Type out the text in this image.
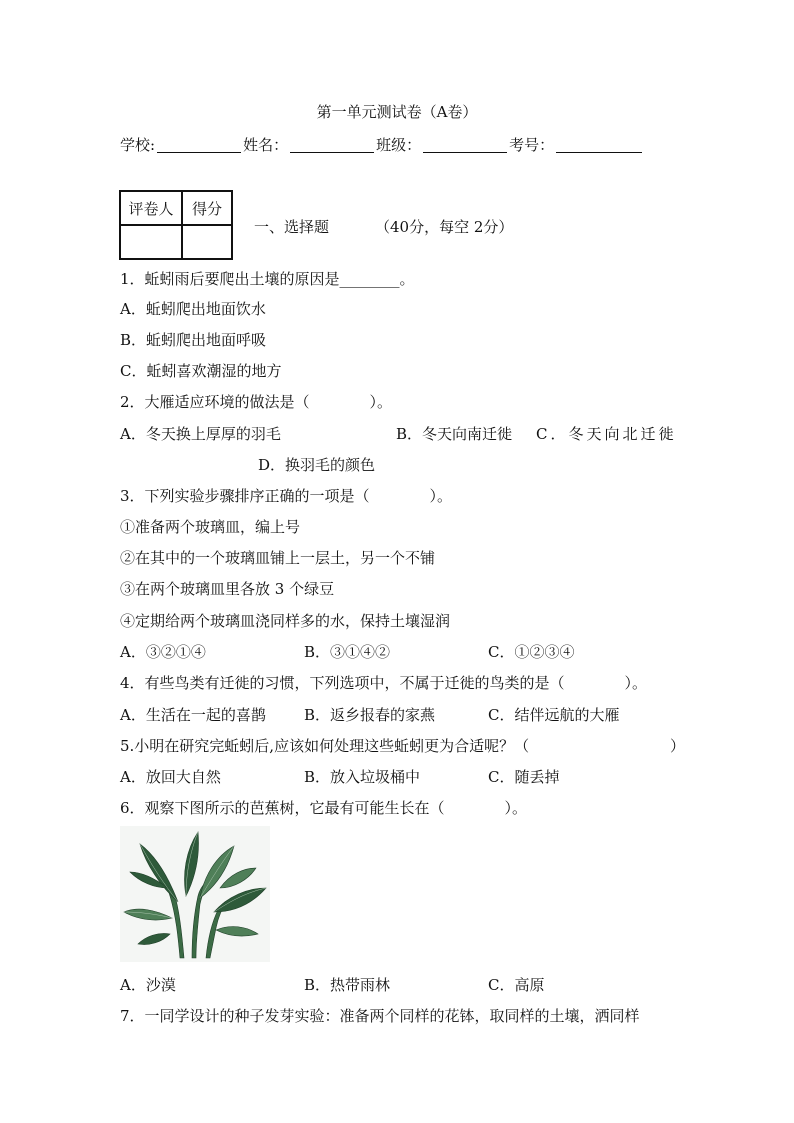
第一单元测试卷（A卷）
学校:	姓名：	班级：	考号：
评卷人	得分

一、选择题	（40分，每空 2分）
1．蚯蚓雨后要爬出土壤的原因是________。
A．蚯蚓爬出地面饮水
B．蚯蚓爬出地面呼吸
C．蚯蚓喜欢潮湿的地方
2．大雁适应环境的做法是（　　　　）。
A．冬天换上厚厚的羽毛	B．冬天向南迁徙 C．冬天向北迁徙
D．换羽毛的颜色
3．下列实验步骤排序正确的一项是（　　　　）。
①准备两个玻璃皿，编上号
②在其中的一个玻璃皿铺上一层土，另一个不铺
③在两个玻璃皿里各放 3 个绿豆
④定期给两个玻璃皿浇同样多的水，保持土壤湿润
A．③②①④	B．③①④②	C．①②③④
4．有些鸟类有迁徙的习惯，下列选项中，不属于迁徙的鸟类的是（　　　　）。
A．生活在一起的喜鹊	B．返乡报春的家燕	C．结伴远航的大雁
5.小明在研究完蚯蚓后,应该如何处理这些蚯蚓更为合适呢？（	）
A．放回大自然	B．放入垃圾桶中	C．随丢掉
6．观察下图所示的芭蕉树，它最有可能生长在（　　　　）。
A．沙漠	B．热带雨林	C．高原
7．一同学设计的种子发芽实验：准备两个同样的花钵，取同样的土壤，洒同样
